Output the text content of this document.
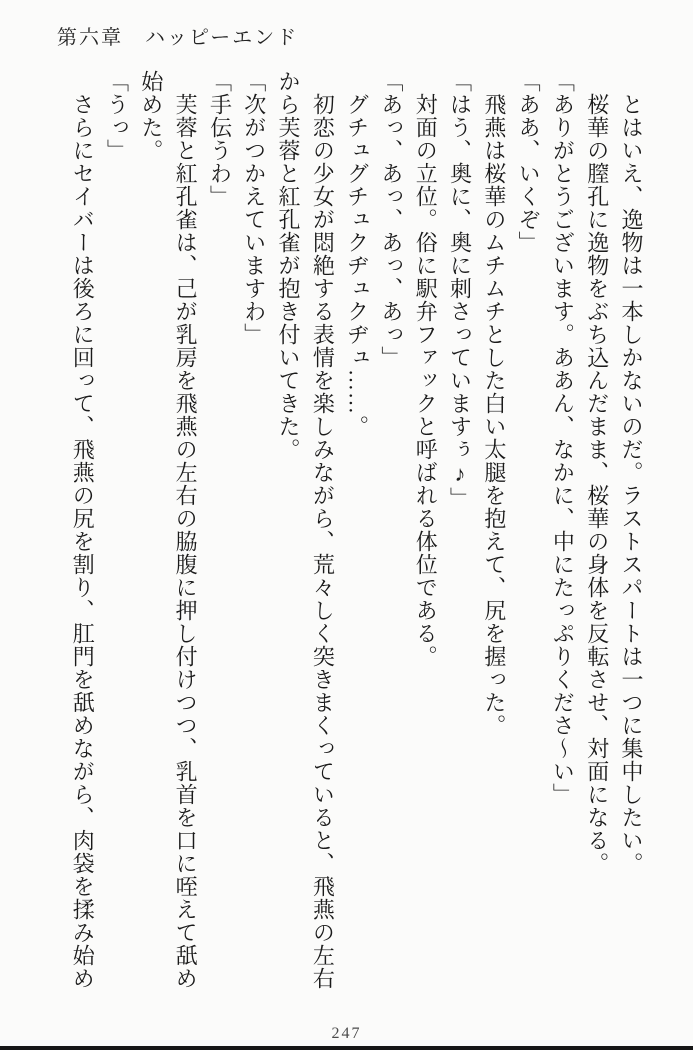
第六章　ハッピーエンド

とはいえ、逸物は一本しかないのだ。ラストスパートは一つに集中したい。

桜華の膣孔に逸物をぶち込んだまま、桜華の身体を反転させ、対面になる。

「ありがとうございます。ああん、なかに、中にたっぷりくださ〜い」

「ああ、いくぞ」

飛燕は桜華のムチムチとした白い太腿を抱えて、尻を握った。

「はう、奥に、奥に刺さっていますぅ♪」

対面の立位。俗に駅弁ファックと呼ばれる体位である。

「あっ、あっ、あっ、あっ」

グチュグチュクヂュクヂュ……。

初恋の少女が悶絶する表情を楽しみながら、荒々しく突きまくっていると、飛燕の左右

から芙蓉と紅孔雀が抱き付いてきた。

「次がつかえていますわ」

「手伝うわ」

芙蓉と紅孔雀は、己が乳房を飛燕の左右の脇腹に押し付けつつ、乳首を口に咥えて舐め

始めた。

「うっ」

さらにセイバーは後ろに回って、飛燕の尻を割り、肛門を舐めながら、肉袋を揉み始め

247
